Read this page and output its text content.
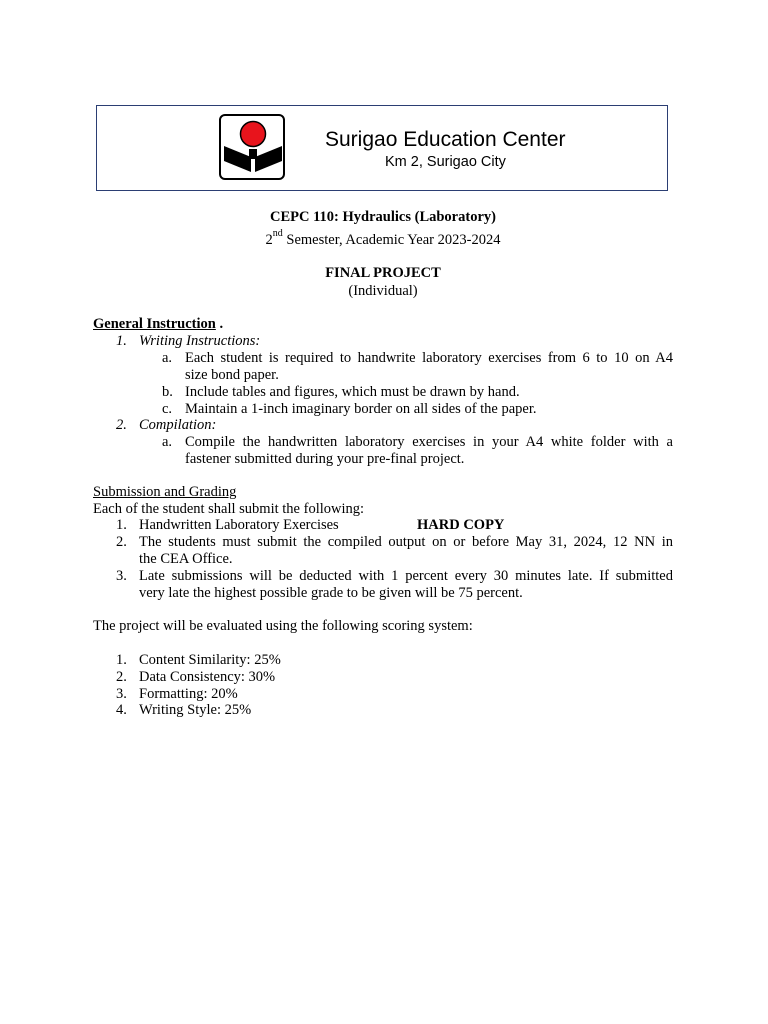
Surigao Education Center
Km 2, Surigao City
CEPC 110: Hydraulics (Laboratory)
2nd Semester, Academic Year 2023-2024
FINAL PROJECT
(Individual)
General Instruction .
1. Writing Instructions:
a. Each student is required to handwrite laboratory exercises from 6 to 10 on A4
size bond paper.
b. Include tables and figures, which must be drawn by hand.
c. Maintain a 1-inch imaginary border on all sides of the paper.
2. Compilation:
a. Compile the handwritten laboratory exercises in your A4 white folder with a
fastener submitted during your pre-final project.
Submission and Grading
Each of the student shall submit the following:
1. Handwritten Laboratory Exercises	HARD COPY
2. The students must submit the compiled output on or before May 31, 2024, 12 NN in
the CEA Office.
3. Late submissions will be deducted with 1 percent every 30 minutes late. If submitted
very late the highest possible grade to be given will be 75 percent.
The project will be evaluated using the following scoring system:
1. Content Similarity: 25%
2. Data Consistency: 30%
3. Formatting: 20%
4. Writing Style: 25%
